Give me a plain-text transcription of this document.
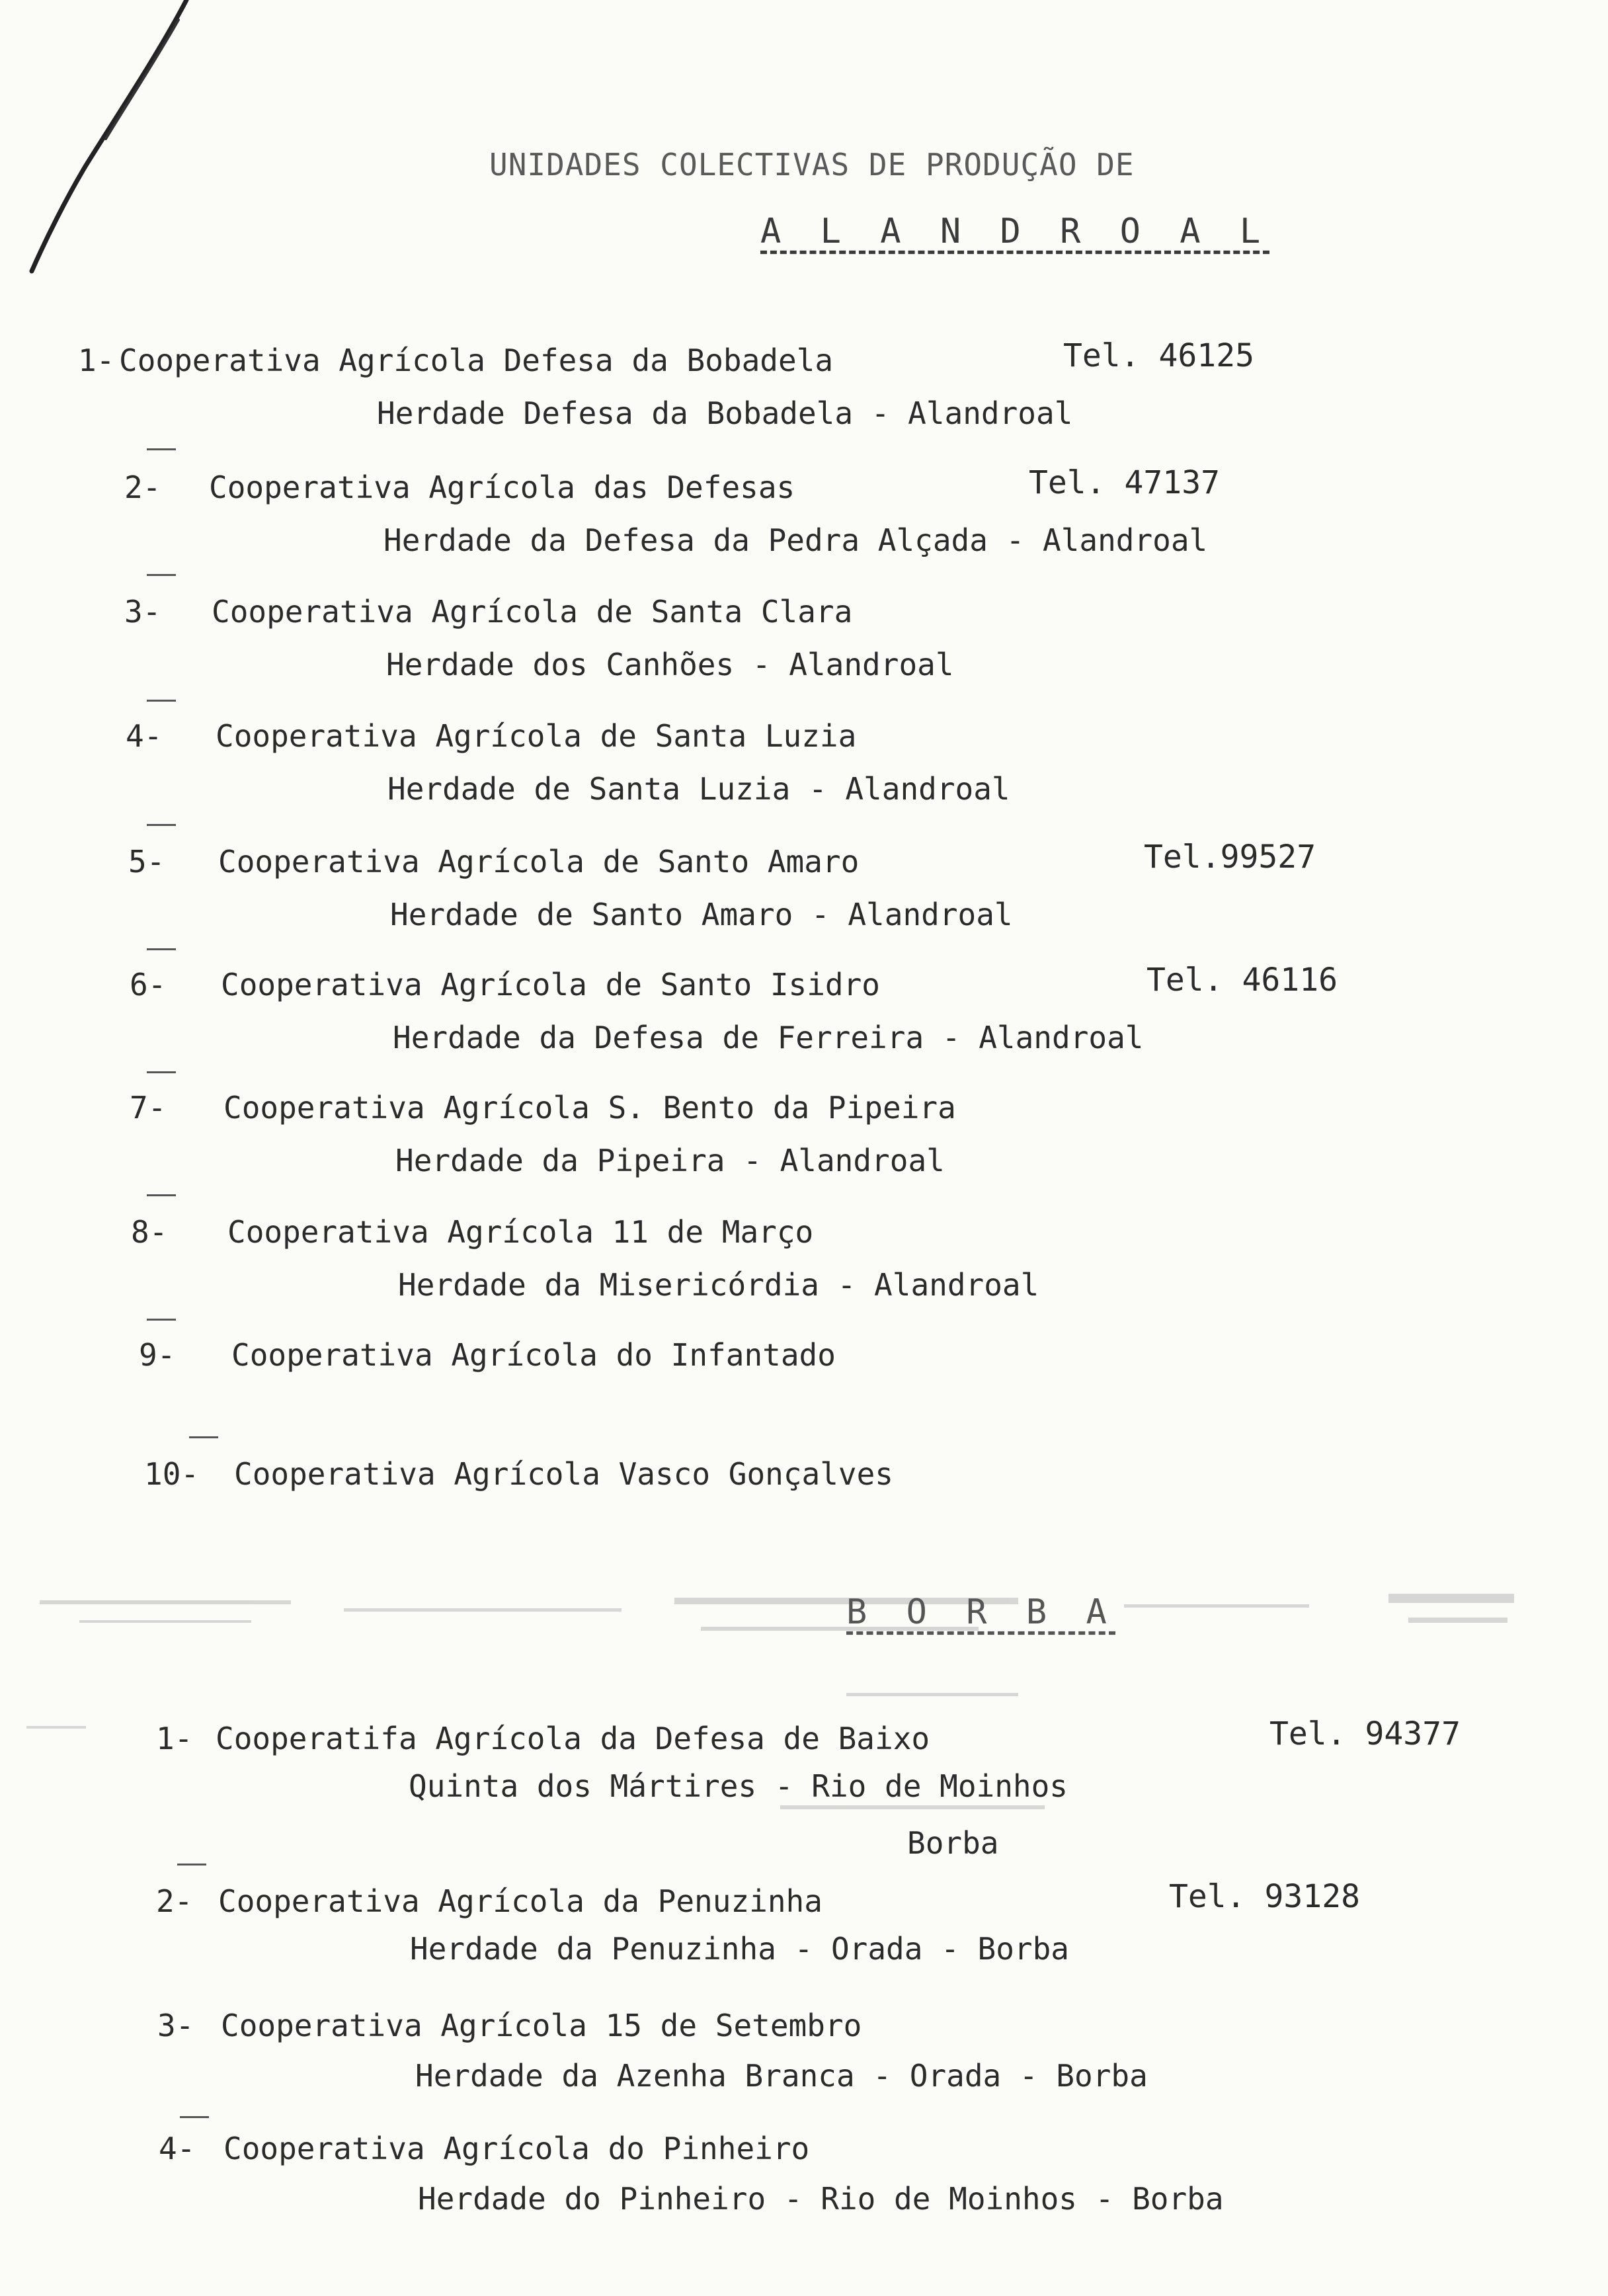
UNIDADES COLECTIVAS DE PRODUÇÃO DE
A L A N D R O A L
1- Cooperativa Agrícola Defesa da Bobadela	Tel. 46125
Herdade Defesa da Bobadela - Alandroal
2- Cooperativa Agrícola das Defesas	Tel. 47137
Herdade da Defesa da Pedra Alçada - Alandroal
3- Cooperativa Agrícola de Santa Clara
Herdade dos Canhões - Alandroal
4- Cooperativa Agrícola de Santa Luzia
Herdade de Santa Luzia - Alandroal
5- Cooperativa Agrícola de Santo Amaro	Tel.99527
Herdade de Santo Amaro - Alandroal
6- Cooperativa Agrícola de Santo Isidro	Tel. 46116
Herdade da Defesa de Ferreira - Alandroal
7- Cooperativa Agrícola S. Bento da Pipeira
Herdade da Pipeira - Alandroal
8- Cooperativa Agrícola 11 de Março
Herdade da Misericórdia - Alandroal
9- Cooperativa Agrícola do Infantado
10- Cooperativa Agrícola Vasco Gonçalves
B O R B A
1- Cooperatifa Agrícola da Defesa de Baixo	Tel. 94377
Quinta dos Mártires - Rio de Moinhos
Borba
2- Cooperativa Agrícola da Penuzinha	Tel. 93128
Herdade da Penuzinha - Orada - Borba
3- Cooperativa Agrícola 15 de Setembro
Herdade da Azenha Branca - Orada - Borba
4- Cooperativa Agrícola do Pinheiro
Herdade do Pinheiro - Rio de Moinhos - Borba
